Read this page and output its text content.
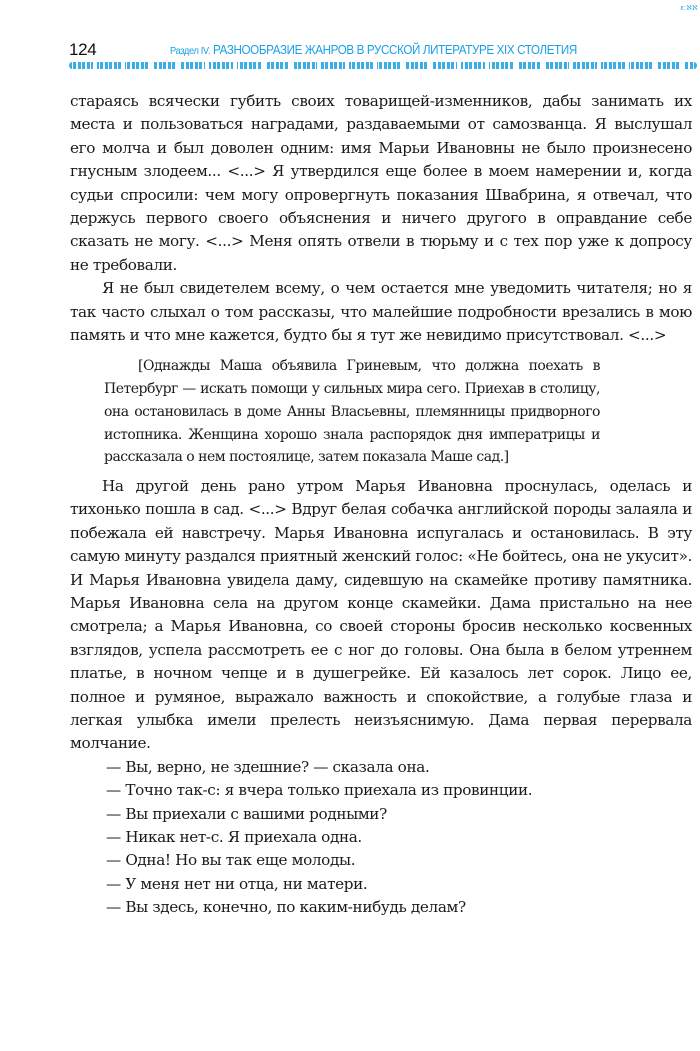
ε:ℵℵ
124	Раздел IV. РАЗНООБРАЗИЕ ЖАНРОВ В РУССКОЙ ЛИТЕРАТУРЕ XIX СТОЛЕТИЯ

стараясь всячески губить своих товарищей-изменников, дабы занимать их места и пользоваться наградами, раздаваемыми от самозванца. Я выслушал его молча и был доволен одним: имя Марьи Ивановны не было произнесено гнусным злодеем... <...> Я утвердился еще более в моем намерении и, когда судьи спросили: чем могу опровергнуть показания Швабрина, я отвечал, что держусь первого своего объяснения и ничего другого в оправдание себе сказать не могу. <...> Меня опять отвели в тюрьму и с тех пор уже к допросу не требовали.

Я не был свидетелем всему, о чем остается мне уведомить читателя; но я так часто слыхал о том рассказы, что малейшие подробности врезались в мою память и что мне кажется, будто бы я тут же невидимо присутствовал. <...>

[Однажды Маша объявила Гриневым, что должна поехать в Петербург — искать помощи у сильных мира сего. Приехав в столицу, она остановилась в доме Анны Власьевны, племянницы придворного истопника. Женщина хорошо знала распорядок дня императрицы и рассказала о нем постоялице, затем показала Маше сад.]

На другой день рано утром Марья Ивановна проснулась, оделась и тихонько пошла в сад. <...> Вдруг белая собачка английской породы залаяла и побежала ей навстречу. Марья Ивановна испугалась и остановилась. В эту самую минуту раздался приятный женский голос: «Не бойтесь, она не укусит». И Марья Ивановна увидела даму, сидевшую на скамейке противу памятника. Марья Ивановна села на другом конце скамейки. Дама пристально на нее смотрела; а Марья Ивановна, со своей стороны бросив несколько косвенных взглядов, успела рассмотреть ее с ног до головы. Она была в белом утреннем платье, в ночном чепце и в душегрейке. Ей казалось лет сорок. Лицо ее, полное и румяное, выражало важность и спокойствие, а голубые глаза и легкая улыбка имели прелесть неизъяснимую. Дама первая перервала молчание.

— Вы, верно, не здешние? — сказала она.
— Точно так-с: я вчера только приехала из провинции.
— Вы приехали с вашими родными?
— Никак нет-с. Я приехала одна.
— Одна! Но вы так еще молоды.
— У меня нет ни отца, ни матери.
— Вы здесь, конечно, по каким-нибудь делам?
